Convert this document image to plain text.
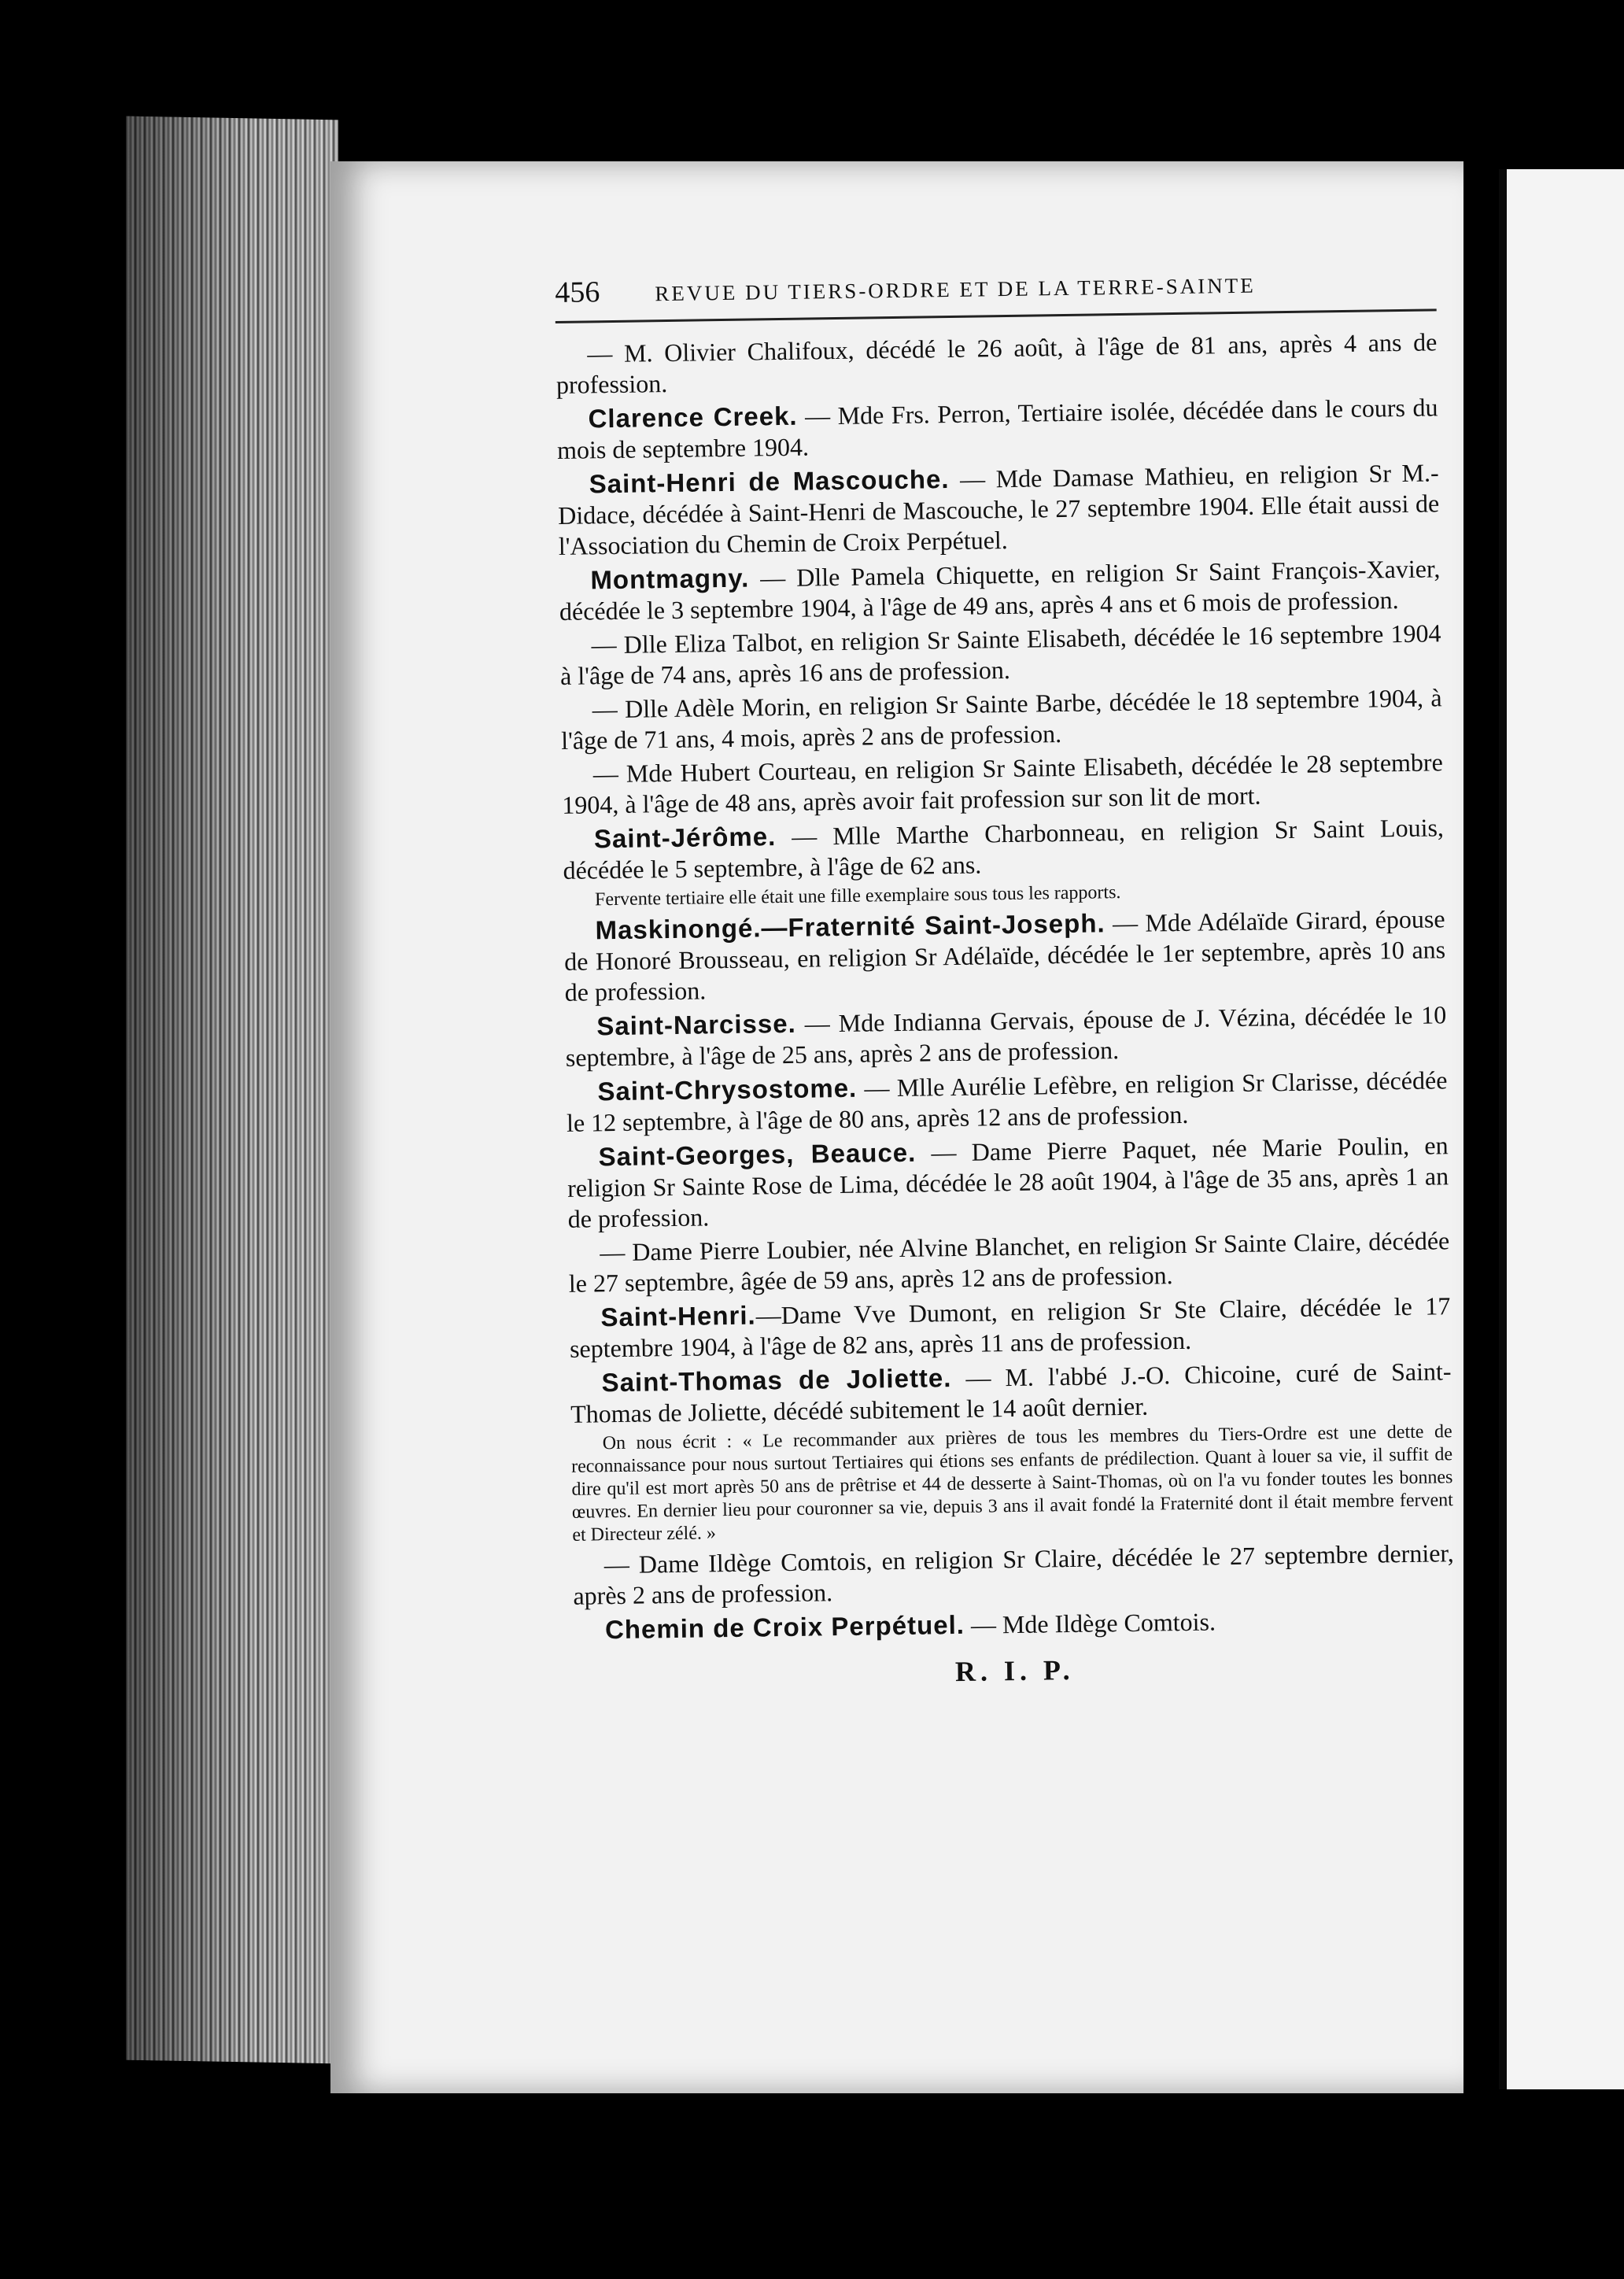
456	REVUE DU TIERS-ORDRE ET DE LA TERRE-SAINTE

— M. Olivier Chalifoux, décédé le 26 août, à l'âge de 81 ans, après 4 ans de profession.

Clarence Creek. — Mde Frs. Perron, Tertiaire isolée, décédée dans le cours du mois de septembre 1904.

Saint-Henri de Mascouche. — Mde Damase Mathieu, en religion Sr M.-Didace, décédée à Saint-Henri de Mascouche, le 27 septembre 1904. Elle était aussi de l'Association du Chemin de Croix Perpétuel.

Montmagny. — Dlle Pamela Chiquette, en religion Sr Saint François-Xavier, décédée le 3 septembre 1904, à l'âge de 49 ans, après 4 ans et 6 mois de profession.

— Dlle Eliza Talbot, en religion Sr Sainte Elisabeth, décédée le 16 septembre 1904 à l'âge de 74 ans, après 16 ans de profession.

— Dlle Adèle Morin, en religion Sr Sainte Barbe, décédée le 18 septembre 1904, à l'âge de 71 ans, 4 mois, après 2 ans de profession.

— Mde Hubert Courteau, en religion Sr Sainte Elisabeth, décédée le 28 septembre 1904, à l'âge de 48 ans, après avoir fait profession sur son lit de mort.

Saint-Jérôme. — Mlle Marthe Charbonneau, en religion Sr Saint Louis, décédée le 5 septembre, à l'âge de 62 ans.

Fervente tertiaire elle était une fille exemplaire sous tous les rapports.

Maskinongé.—Fraternité Saint-Joseph. — Mde Adélaïde Girard, épouse de Honoré Brousseau, en religion Sr Adélaïde, décédée le 1er septembre, après 10 ans de profession.

Saint-Narcisse. — Mde Indianna Gervais, épouse de J. Vézina, décédée le 10 septembre, à l'âge de 25 ans, après 2 ans de profession.

Saint-Chrysostome. — Mlle Aurélie Lefèbre, en religion Sr Clarisse, décédée le 12 septembre, à l'âge de 80 ans, après 12 ans de profession.

Saint-Georges, Beauce. — Dame Pierre Paquet, née Marie Poulin, en religion Sr Sainte Rose de Lima, décédée le 28 août 1904, à l'âge de 35 ans, après 1 an de profession.

— Dame Pierre Loubier, née Alvine Blanchet, en religion Sr Sainte Claire, décédée le 27 septembre, âgée de 59 ans, après 12 ans de profession.

Saint-Henri.—Dame Vve Dumont, en religion Sr Ste Claire, décédée le 17 septembre 1904, à l'âge de 82 ans, après 11 ans de profession.

Saint-Thomas de Joliette. — M. l'abbé J.-O. Chicoine, curé de Saint-Thomas de Joliette, décédé subitement le 14 août dernier.

On nous écrit : « Le recommander aux prières de tous les membres du Tiers-Ordre est une dette de reconnaissance pour nous surtout Tertiaires qui étions ses enfants de prédilection. Quant à louer sa vie, il suffit de dire qu'il est mort après 50 ans de prêtrise et 44 de desserte à Saint-Thomas, où on l'a vu fonder toutes les bonnes œuvres. En dernier lieu pour couronner sa vie, depuis 3 ans il avait fondé la Fraternité dont il était membre fervent et Directeur zélé. »

— Dame Ildège Comtois, en religion Sr Claire, décédée le 27 septembre dernier, après 2 ans de profession.

Chemin de Croix Perpétuel. — Mde Ildège Comtois.

R. I. P.
